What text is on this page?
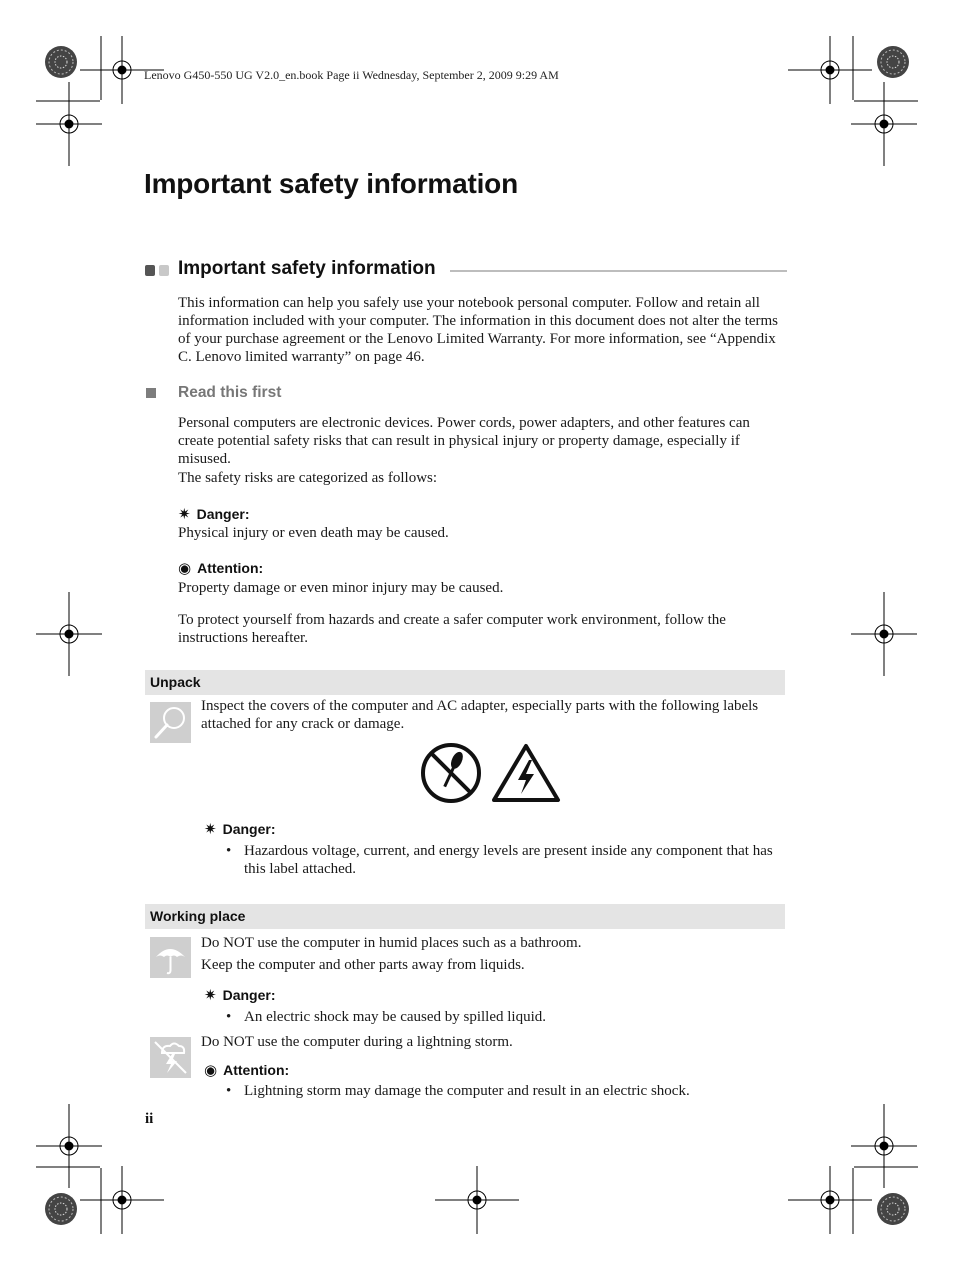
Lenovo G450-550 UG V2.0_en.book Page ii Wednesday, September 2, 2009 9:29 AM
Important safety information
Important safety information
This information can help you safely use your notebook personal computer. Follow and retain all information included with your computer. The information in this document does not alter the terms of your purchase agreement or the Lenovo Limited Warranty. For more information, see “Appendix C. Lenovo limited warranty” on page 46.
Read this first
Personal computers are electronic devices. Power cords, power adapters, and other features can create potential safety risks that can result in physical injury or property damage, especially if misused.
The safety risks are categorized as follows:
✷ Danger:
Physical injury or even death may be caused.
◉ Attention:
Property damage or even minor injury may be caused.
To protect yourself from hazards and create a safer computer work environment, follow the instructions hereafter.
Unpack
Inspect the covers of the computer and AC adapter, especially parts with the following labels attached for any crack or damage.
✷ Danger:
• Hazardous voltage, current, and energy levels are present inside any component that has this label attached.
Working place
Do NOT use the computer in humid places such as a bathroom.
Keep the computer and other parts away from liquids.
✷ Danger:
• An electric shock may be caused by spilled liquid.
Do NOT use the computer during a lightning storm.
◉ Attention:
• Lightning storm may damage the computer and result in an electric shock.
ii
